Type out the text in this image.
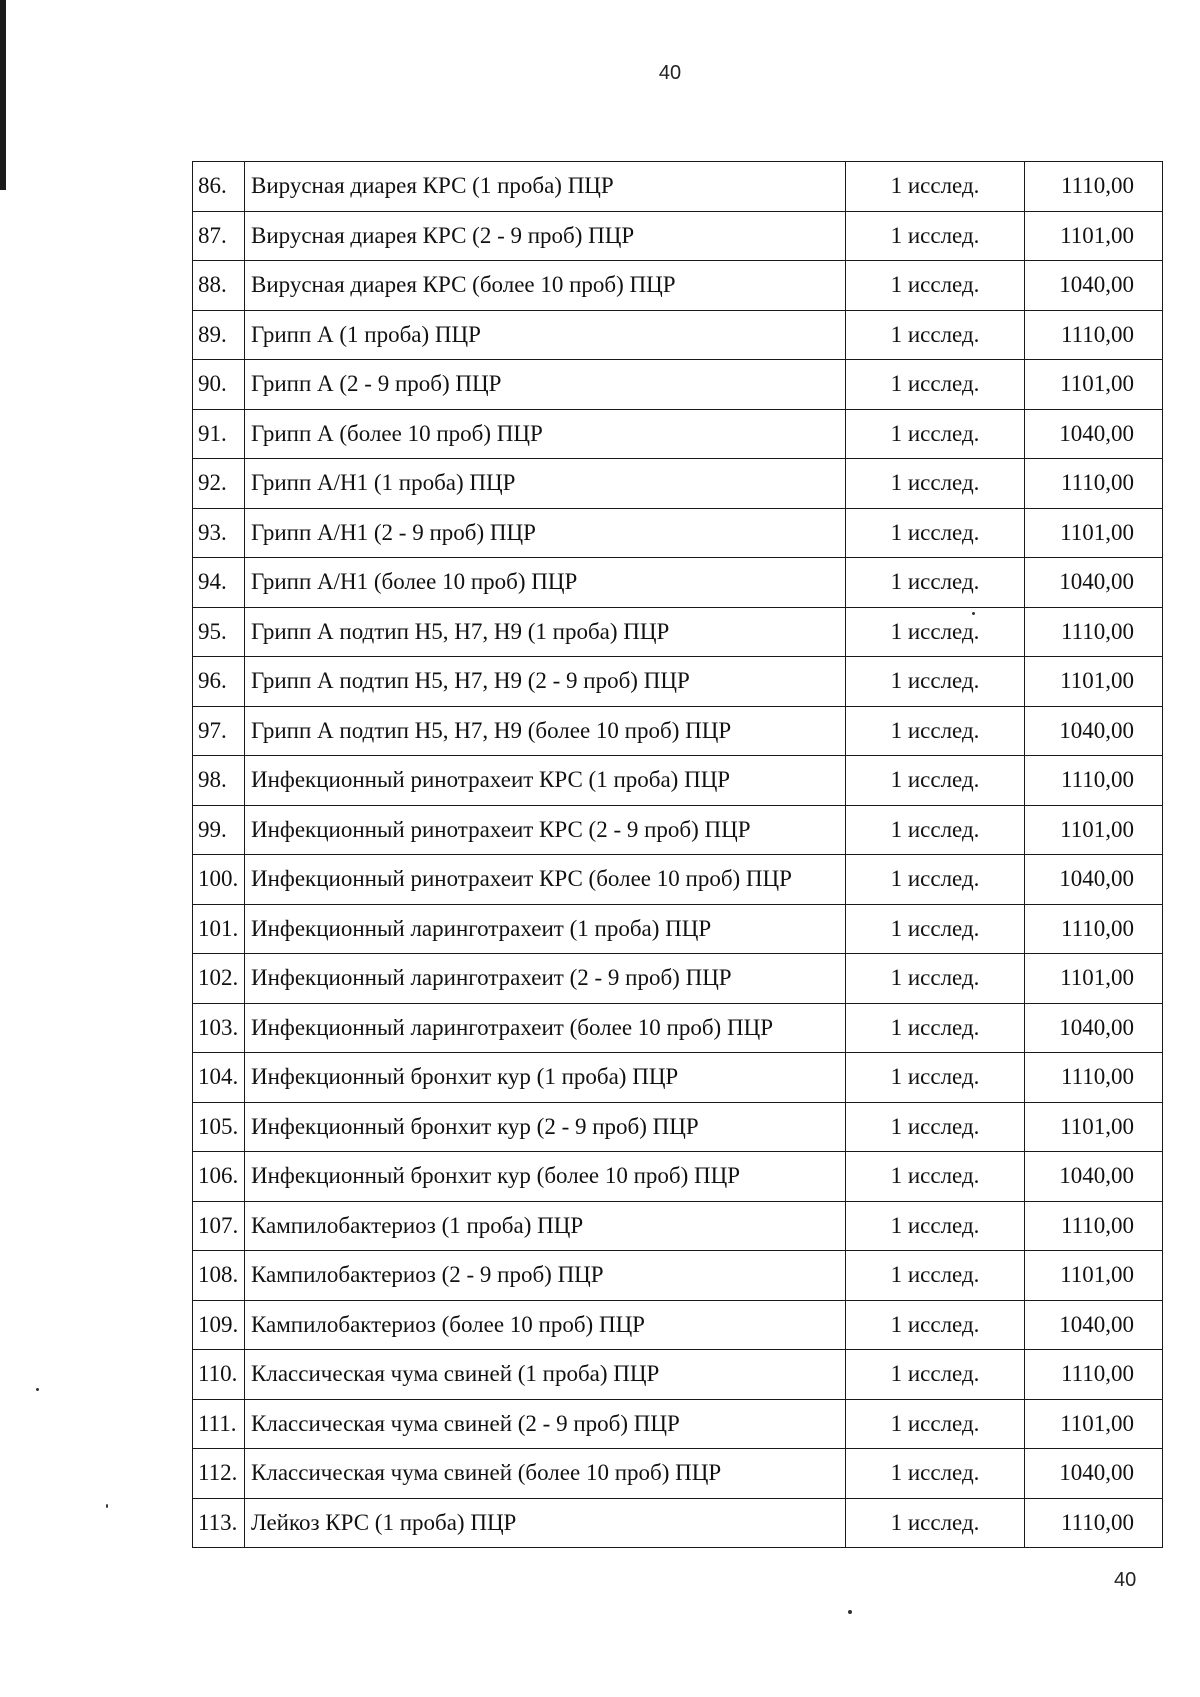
40
86.	Вирусная диарея КРС (1 проба) ПЦР	1 исслед.	1110,00
87.	Вирусная диарея КРС (2 - 9 проб) ПЦР	1 исслед.	1101,00
88.	Вирусная диарея КРС (более 10 проб) ПЦР	1 исслед.	1040,00
89.	Грипп А (1 проба) ПЦР	1 исслед.	1110,00
90.	Грипп А (2 - 9 проб) ПЦР	1 исслед.	1101,00
91.	Грипп А (более 10 проб) ПЦР	1 исслед.	1040,00
92.	Грипп A/H1 (1 проба) ПЦР	1 исслед.	1110,00
93.	Грипп A/H1 (2 - 9 проб) ПЦР	1 исслед.	1101,00
94.	Грипп A/H1 (более 10 проб) ПЦР	1 исслед.	1040,00
95.	Грипп А подтип Н5, Н7, Н9 (1 проба) ПЦР	1 исслед.	1110,00
96.	Грипп А подтип Н5, Н7, Н9 (2 - 9 проб) ПЦР	1 исслед.	1101,00
97.	Грипп А подтип Н5, Н7, Н9 (более 10 проб) ПЦР	1 исслед.	1040,00
98.	Инфекционный ринотрахеит КРС (1 проба) ПЦР	1 исслед.	1110,00
99.	Инфекционный ринотрахеит КРС (2 - 9 проб) ПЦР	1 исслед.	1101,00
100.	Инфекционный ринотрахеит КРС (более 10 проб) ПЦР	1 исслед.	1040,00
101.	Инфекционный ларинготрахеит (1 проба) ПЦР	1 исслед.	1110,00
102.	Инфекционный ларинготрахеит (2 - 9 проб) ПЦР	1 исслед.	1101,00
103.	Инфекционный ларинготрахеит (более 10 проб) ПЦР	1 исслед.	1040,00
104.	Инфекционный бронхит кур (1 проба) ПЦР	1 исслед.	1110,00
105.	Инфекционный бронхит кур (2 - 9 проб) ПЦР	1 исслед.	1101,00
106.	Инфекционный бронхит кур (более 10 проб) ПЦР	1 исслед.	1040,00
107.	Кампилобактериоз (1 проба) ПЦР	1 исслед.	1110,00
108.	Кампилобактериоз (2 - 9 проб) ПЦР	1 исслед.	1101,00
109.	Кампилобактериоз (более 10 проб) ПЦР	1 исслед.	1040,00
110.	Классическая чума свиней (1 проба) ПЦР	1 исслед.	1110,00
111.	Классическая чума свиней (2 - 9 проб) ПЦР	1 исслед.	1101,00
112.	Классическая чума свиней (более 10 проб) ПЦР	1 исслед.	1040,00
113.	Лейкоз КРС (1 проба) ПЦР	1 исслед.	1110,00
40
